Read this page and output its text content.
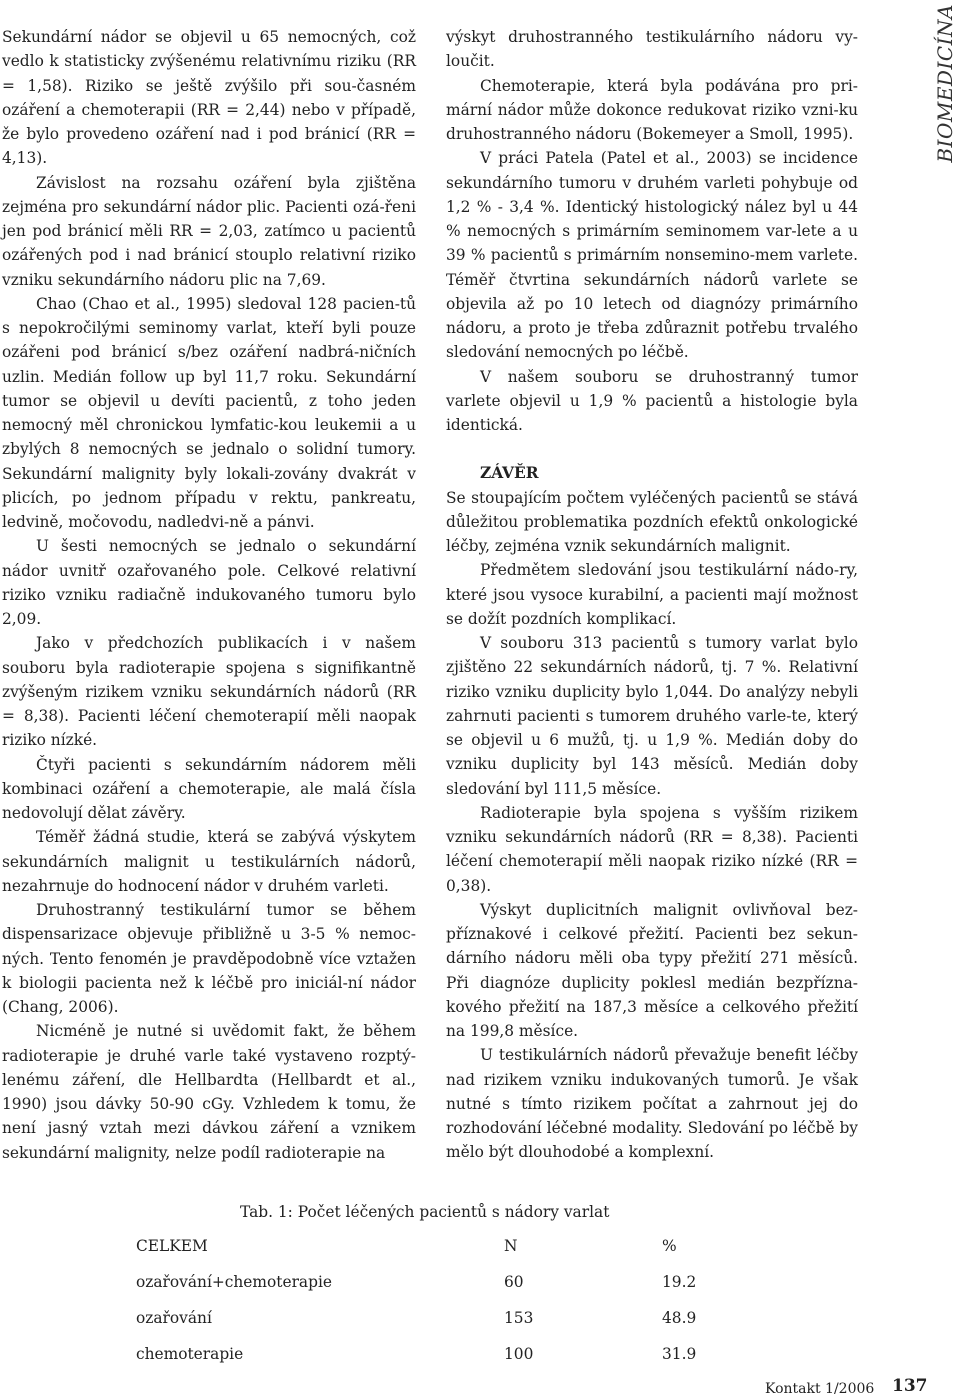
BIOMEDICÍNA

Sekundární nádor se objevil u 65 nemocných, což vedlo k statisticky zvýšenému relativnímu riziku (RR = 1,58). Riziko se ještě zvýšilo při sou-časném ozáření a chemoterapii (RR = 2,44) nebo v případě, že bylo provedeno ozáření nad i pod bránicí (RR = 4,13).

Závislost na rozsahu ozáření byla zjištěna zejména pro sekundární nádor plic. Pacienti ozá-řeni jen pod bránicí měli RR = 2,03, zatímco u pacientů ozářených pod i nad bránicí stouplo relativní riziko vzniku sekundárního nádoru plic na 7,69.

Chao (Chao et al., 1995) sledoval 128 pacien-tů s nepokročilými seminomy varlat, kteří byli pouze ozářeni pod bránicí s/bez ozáření nadbrá-ničních uzlin. Medián follow up byl 11,7 roku. Sekundární tumor se objevil u devíti pacientů, z toho jeden nemocný měl chronickou lymfatic-kou leukemii a u zbylých 8 nemocných se jednalo o solidní tumory. Sekundární malignity byly lokali-zovány dvakrát v plicích, po jednom případu v rektu, pankreatu, ledvině, močovodu, nadledvi-ně a pánvi.

U šesti nemocných se jednalo o sekundární nádor uvnitř ozařovaného pole. Celkové relativní riziko vzniku radiačně indukovaného tumoru bylo 2,09.

Jako v předchozích publikacích i v našem souboru byla radioterapie spojena s signifikantně zvýšeným rizikem vzniku sekundárních nádorů (RR = 8,38). Pacienti léčení chemoterapií měli naopak riziko nízké.

Čtyři pacienti s sekundárním nádorem měli kombinaci ozáření a chemoterapie, ale malá čísla nedovolují dělat závěry.

Téměř žádná studie, která se zabývá výskytem sekundárních malignit u testikulárních nádorů, nezahrnuje do hodnocení nádor v druhém varleti.

Druhostranný testikulární tumor se během dispensarizace objevuje přibližně u 3-5 % nemoc-ných. Tento fenomén je pravděpodobně více vztažen k biologii pacienta než k léčbě pro iniciál-ní nádor (Chang, 2006).

Nicméně je nutné si uvědomit fakt, že během radioterapie je druhé varle také vystaveno rozptý-lenému záření, dle Hellbardta (Hellbardt et al., 1990) jsou dávky 50-90 cGy. Vzhledem k tomu, že není jasný vztah mezi dávkou záření a vznikem sekundární malignity, nelze podíl radioterapie na

výskyt druhostranného testikulárního nádoru vy-loučit.

Chemoterapie, která byla podávána pro pri-mární nádor může dokonce redukovat riziko vzni-ku druhostranného nádoru (Bokemeyer a Smoll, 1995).

V práci Patela (Patel et al., 2003) se incidence sekundárního tumoru v druhém varleti pohybuje od 1,2 % - 3,4 %. Identický histologický nález byl u 44 % nemocných s primárním seminomem var-lete a u 39 % pacientů s primárním nonsemino-mem varlete. Téměř čtvrtina sekundárních nádorů varlete se objevila až po 10 letech od diagnózy primárního nádoru, a proto je třeba zdůraznit potřebu trvalého sledování nemocných po léčbě.

V našem souboru se druhostranný tumor varlete objevil u 1,9 % pacientů a histologie byla identická.

ZÁVĚR

Se stoupajícím počtem vyléčených pacientů se stává důležitou problematika pozdních efektů onkologické léčby, zejména vznik sekundárních malignit.

Předmětem sledování jsou testikulární nádo-ry, které jsou vysoce kurabilní, a pacienti mají možnost se dožít pozdních komplikací.

V souboru 313 pacientů s tumory varlat bylo zjištěno 22 sekundárních nádorů, tj. 7 %. Relativní riziko vzniku duplicity bylo 1,044. Do analýzy nebyli zahrnuti pacienti s tumorem druhého varle-te, který se objevil u 6 mužů, tj. u 1,9 %. Medián doby do vzniku duplicity byl 143 měsíců. Medián doby sledování byl 111,5 měsíce.

Radioterapie byla spojena s vyšším rizikem vzniku sekundárních nádorů (RR = 8,38). Pacienti léčení chemoterapií měli naopak riziko nízké (RR = 0,38).

Výskyt duplicitních malignit ovlivňoval bez-příznakové i celkové přežití. Pacienti bez sekun-dárního nádoru měli oba typy přežití 271 měsíců. Při diagnóze duplicity poklesl medián bezpřízna-kového přežití na 187,3 měsíce a celkového přežití na 199,8 měsíce.

U testikulárních nádorů převažuje benefit léčby nad rizikem vzniku indukovaných tumorů. Je však nutné s tímto rizikem počítat a zahrnout jej do rozhodování léčebné modality. Sledování po léčbě by mělo být dlouhodobé a komplexní.

Tab. 1: Počet léčených pacientů s nádory varlat
CELKEM	N	%
ozařování+chemoterapie	60	19.2
ozařování	153	48.9
chemoterapie	100	31.9
Kontakt 1/2006 137
